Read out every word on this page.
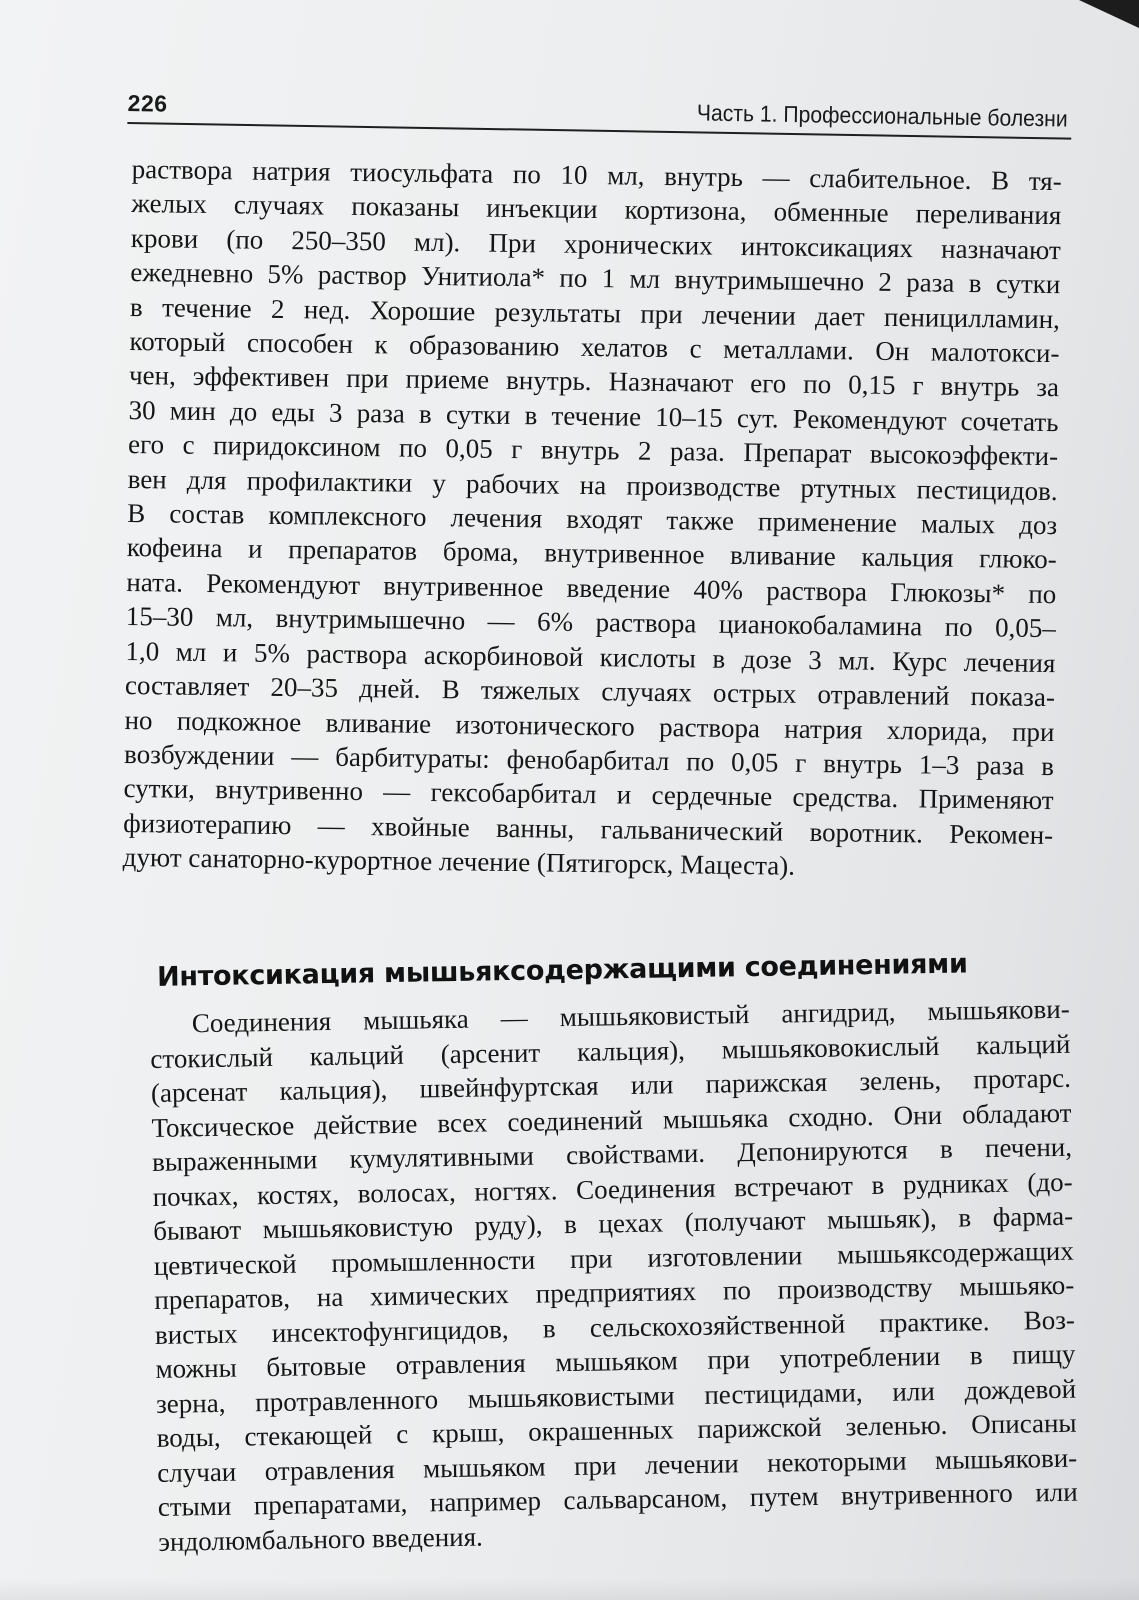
226	Часть 1. Профессиональные болезни

раствора натрия тиосульфата по 10 мл, внутрь — слабительное. В тя-
желых случаях показаны инъекции кортизона, обменные переливания
крови (по 250–350 мл). При хронических интоксикациях назначают
ежедневно 5% раствор Унитиола* по 1 мл внутримышечно 2 раза в сутки
в течение 2 нед. Хорошие результаты при лечении дает пеницилламин,
который способен к образованию хелатов с металлами. Он малотокси-
чен, эффективен при приеме внутрь. Назначают его по 0,15 г внутрь за
30 мин до еды 3 раза в сутки в течение 10–15 сут. Рекомендуют сочетать
его с пиридоксином по 0,05 г внутрь 2 раза. Препарат высокоэффекти-
вен для профилактики у рабочих на производстве ртутных пестицидов.
В состав комплексного лечения входят также применение малых доз
кофеина и препаратов брома, внутривенное вливание кальция глюко-
ната. Рекомендуют внутривенное введение 40% раствора Глюкозы* по
15–30 мл, внутримышечно — 6% раствора цианокобаламина по 0,05–
1,0 мл и 5% раствора аскорбиновой кислоты в дозе 3 мл. Курс лечения
составляет 20–35 дней. В тяжелых случаях острых отравлений показа-
но подкожное вливание изотонического раствора натрия хлорида, при
возбуждении — барбитураты: фенобарбитал по 0,05 г внутрь 1–3 раза в
сутки, внутривенно — гексобарбитал и сердечные средства. Применяют
физиотерапию — хвойные ванны, гальванический воротник. Рекомен-
дуют санаторно-курортное лечение (Пятигорск, Мацеста).

Интоксикация мышьяксодержащими соединениями

Соединения мышьяка — мышьяковистый ангидрид, мышьякови-
стокислый кальций (арсенит кальция), мышьяковокислый кальций
(арсенат кальция), швейнфуртская или парижская зелень, протарс.
Токсическое действие всех соединений мышьяка сходно. Они обладают
выраженными кумулятивными свойствами. Депонируются в печени,
почках, костях, волосах, ногтях. Соединения встречают в рудниках (до-
бывают мышьяковистую руду), в цехах (получают мышьяк), в фарма-
цевтической промышленности при изготовлении мышьяксодержащих
препаратов, на химических предприятиях по производству мышьяко-
вистых инсектофунгицидов, в сельскохозяйственной практике. Воз-
можны бытовые отравления мышьяком при употреблении в пищу
зерна, протравленного мышьяковистыми пестицидами, или дождевой
воды, стекающей с крыш, окрашенных парижской зеленью. Описаны
случаи отравления мышьяком при лечении некоторыми мышьякови-
стыми препаратами, например сальварсаном, путем внутривенного или
эндолюмбального введения.
